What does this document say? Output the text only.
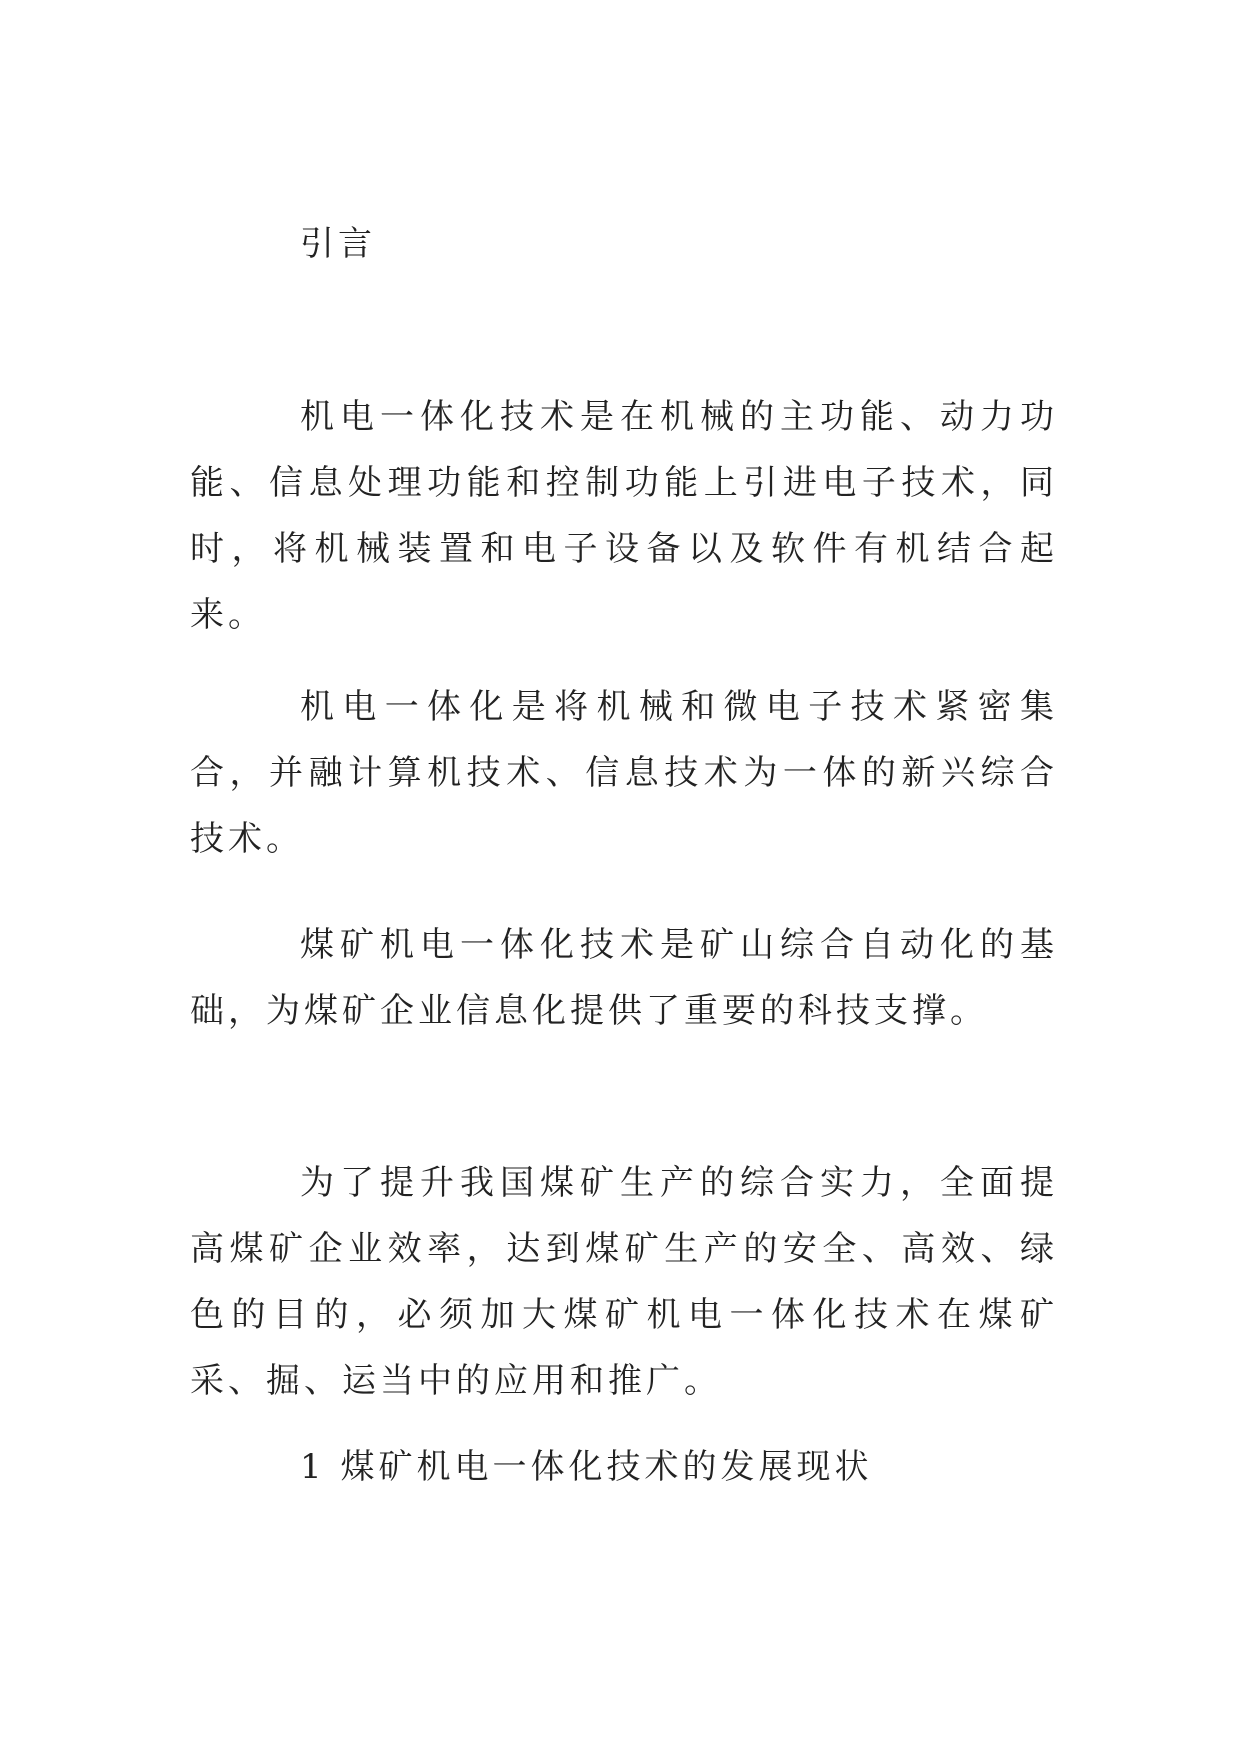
引言

机电一体化技术是在机械的主功能、动力功能、信息处理功能和控制功能上引进电子技术，同时，将机械装置和电子设备以及软件有机结合起来。

机电一体化是将机械和微电子技术紧密集合，并融计算机技术、信息技术为一体的新兴综合技术。

煤矿机电一体化技术是矿山综合自动化的基础，为煤矿企业信息化提供了重要的科技支撑。

为了提升我国煤矿生产的综合实力，全面提高煤矿企业效率，达到煤矿生产的安全、高效、绿色的目的，必须加大煤矿机电一体化技术在煤矿采、掘、运当中的应用和推广。

1 煤矿机电一体化技术的发展现状
